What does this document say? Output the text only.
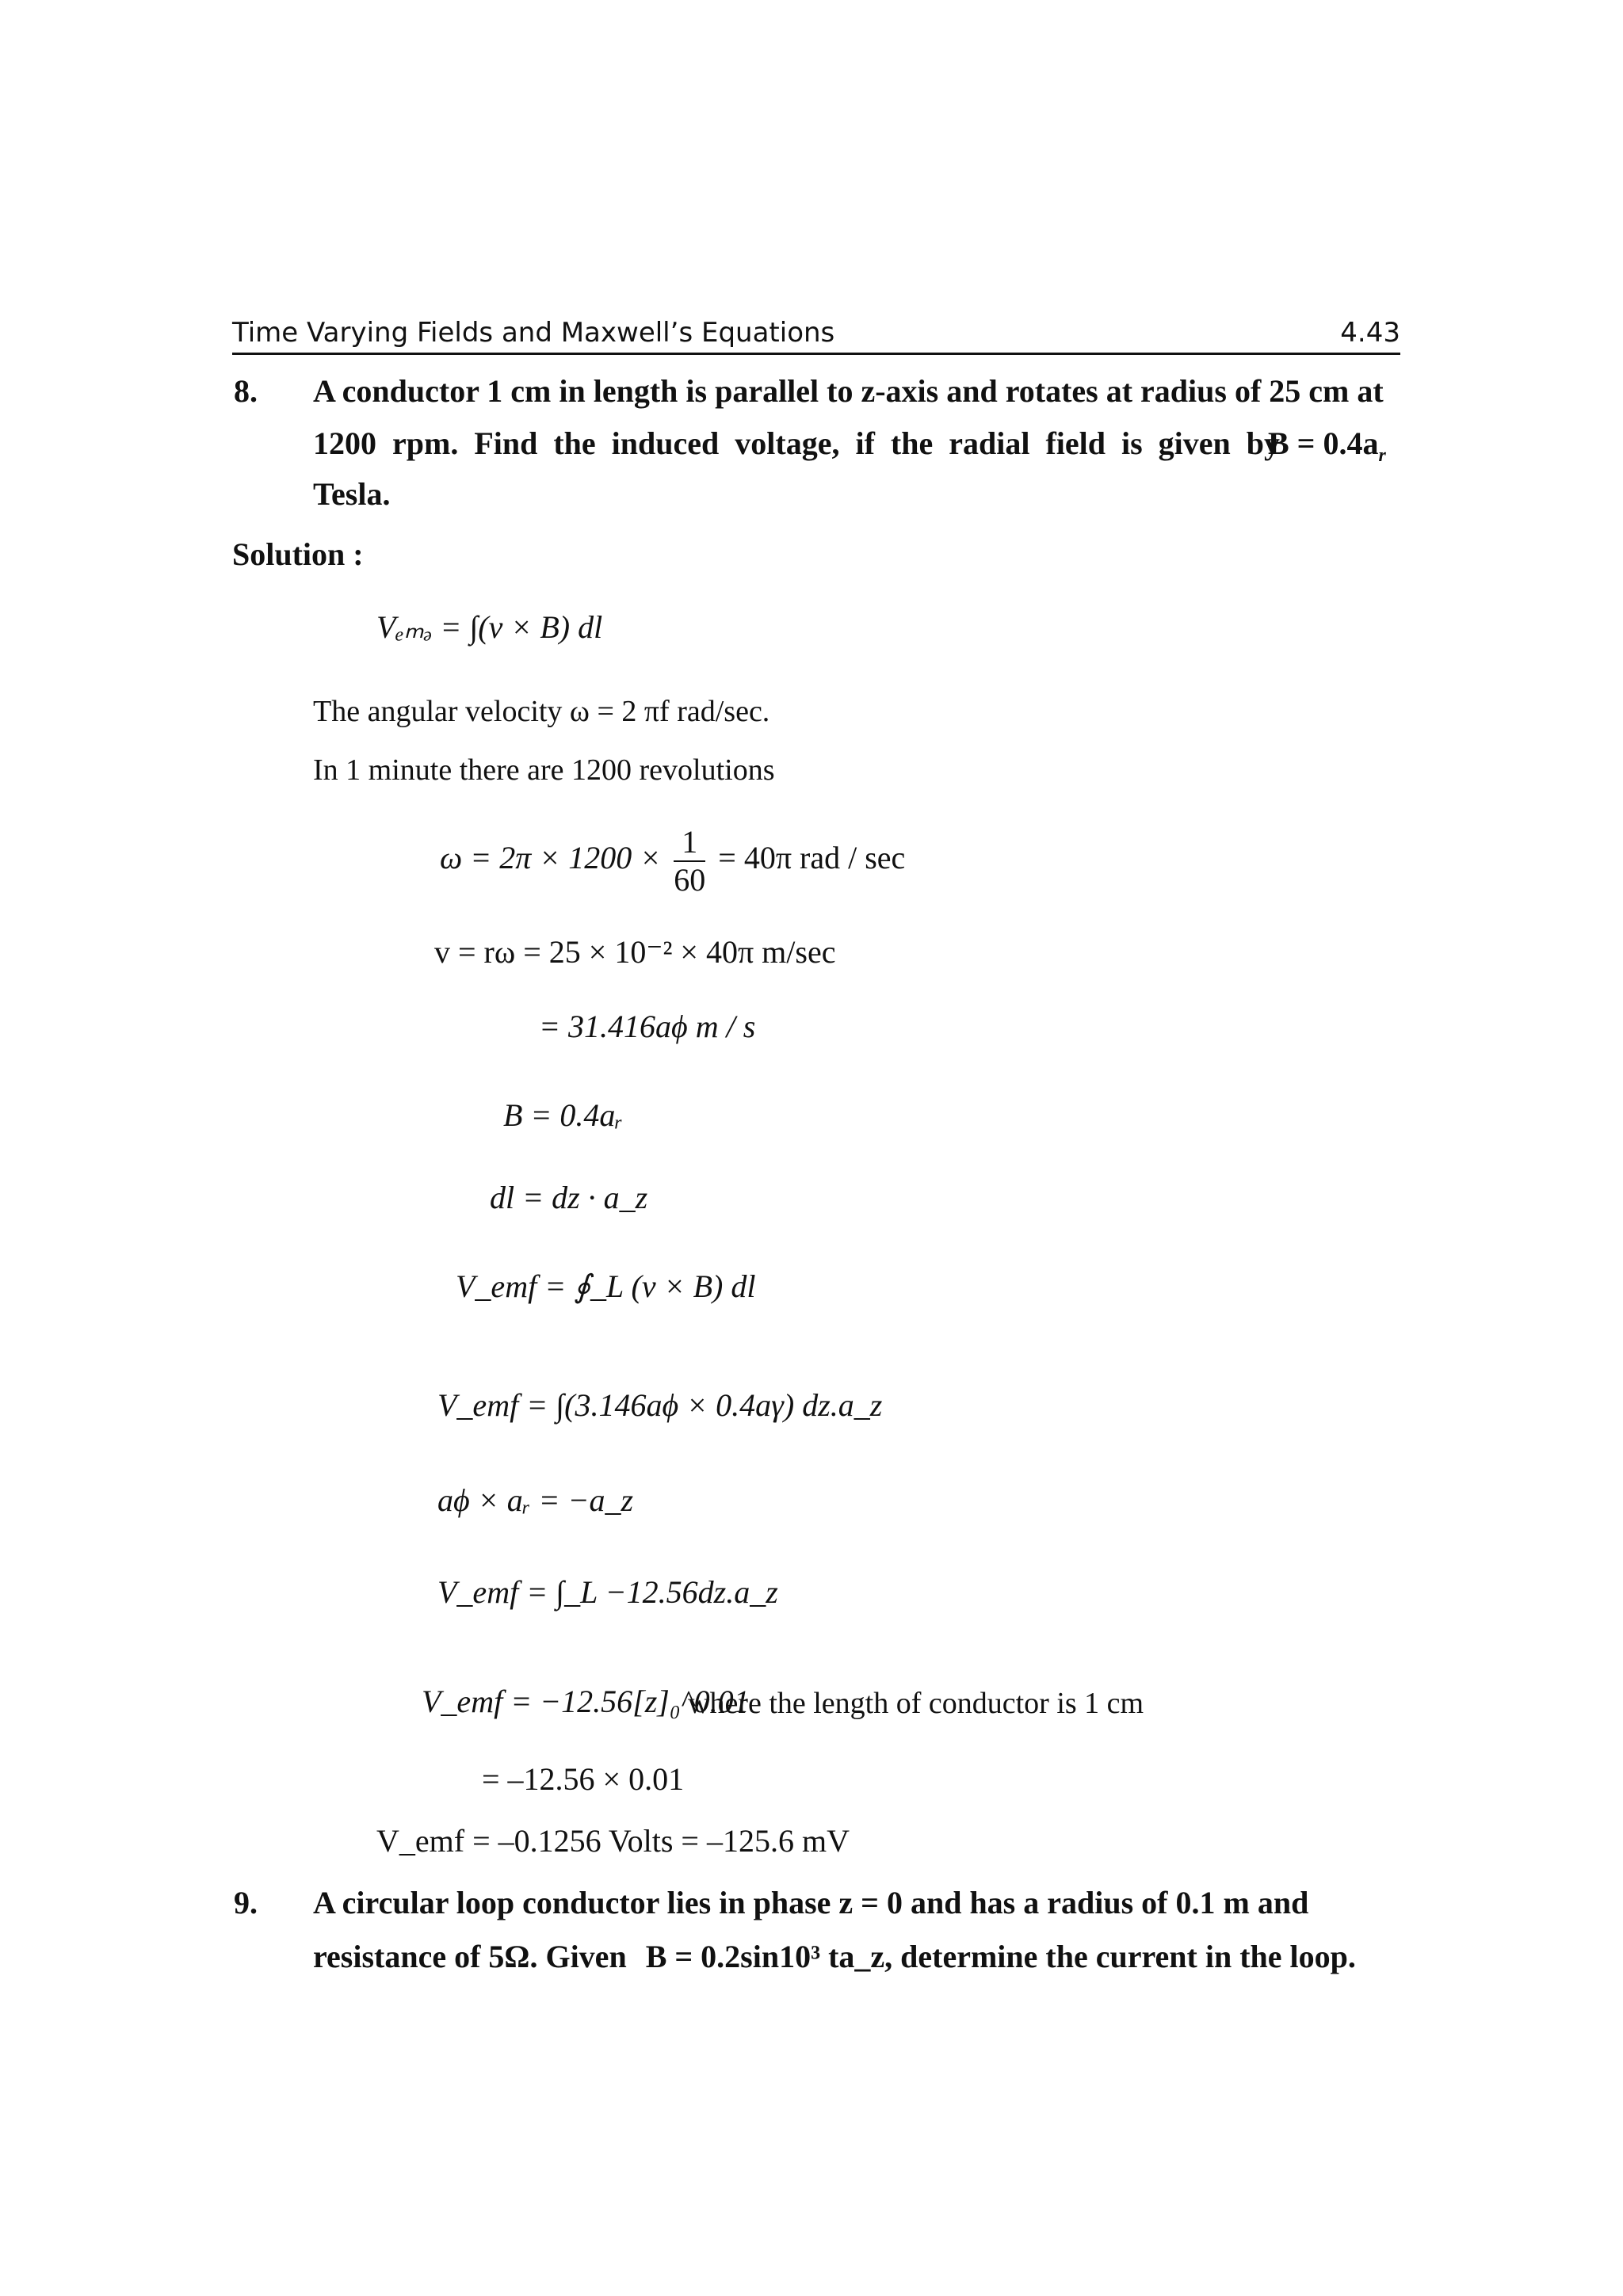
Time Varying Fields and Maxwell’s Equations	4.43
8. A conductor 1 cm in length is parallel to z-axis and rotates at radius of 25 cm at
1200 rpm. Find the induced voltage, if the radial field is given by
$B = 0.4a_r$
Tesla.
Solution :
Vₑₘₔ = ∫(v × B) dl
The angular velocity ω = 2 πf rad/sec.
In 1 minute there are 1200 revolutions
$\omega = 2\pi \times 1200 \times \frac{1}{60} = 40\pi$ rad / sec
v = rω = 25 × 10⁻² × 40π m/sec
= 31.416aϕ m / s
B = 0.4aᵣ
dl = dz · a_z
V_emf = ∮_L (v × B) dl
V_emf = ∫(3.146aϕ × 0.4aγ) dz.a_z
aϕ × aᵣ = −a_z
V_emf = ∫_L −12.56dz.a_z
V_emf = −12.56[z]₀^0.01
where the length of conductor is 1 cm
= –12.56 × 0.01
V_emf = –0.1256 Volts = –125.6 mV
9. A circular loop conductor lies in phase z = 0 and has a radius of 0.1 m and
resistance of 5Ω. Given B = 0.2sin10³ ta_z, determine the current in the loop.
